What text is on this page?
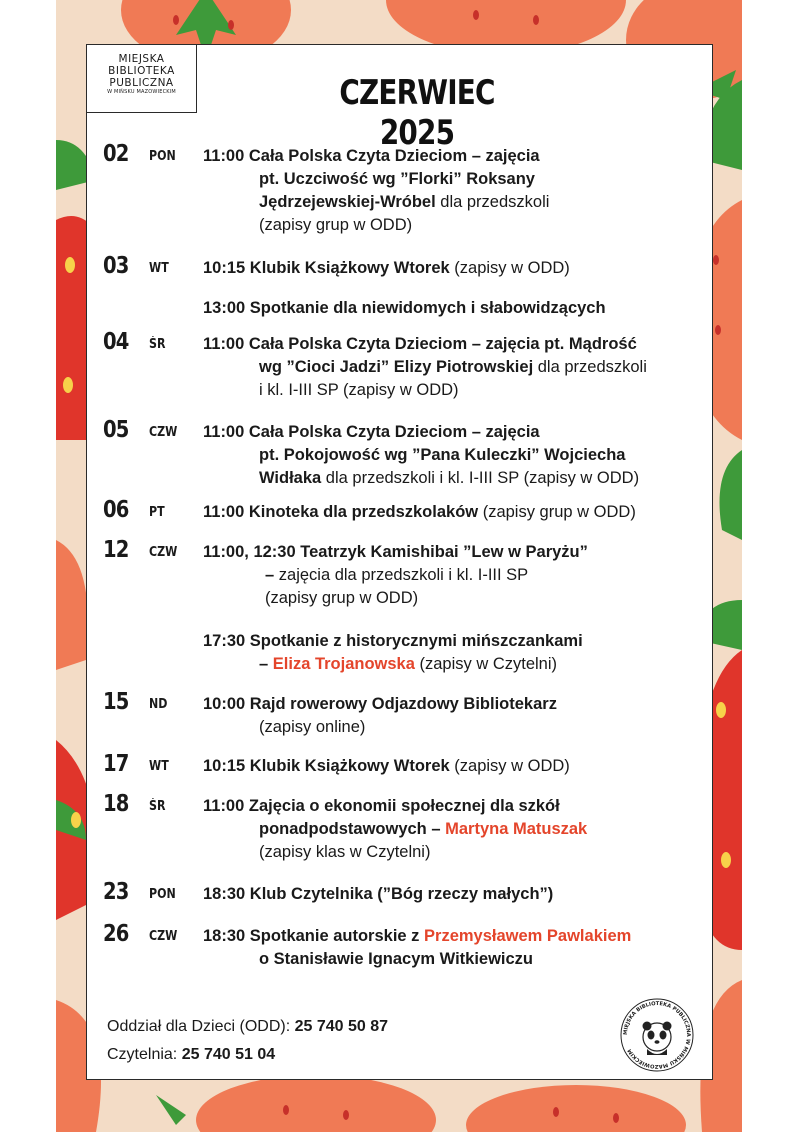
MIEJSKA
BIBLIOTEKA
PUBLICZNA
W MIŃSKU MAZOWIECKIM	CZERWIEC 2025
02 PON 11:00 Cała Polska Czyta Dzieciom – zajęcia
pt. Uczciwość wg ”Florki” Roksany
Jędrzejewskiej-Wróbel dla przedszkoli
(zapisy grup w ODD)
03 WT 10:15 Klubik Książkowy Wtorek (zapisy w ODD)
13:00 Spotkanie dla niewidomych i słabowidzących
04 ŚR 11:00 Cała Polska Czyta Dzieciom – zajęcia pt. Mądrość
wg ”Cioci Jadzi” Elizy Piotrowskiej dla przedszkoli
i kl. I-III SP (zapisy w ODD)
05 CZW 11:00 Cała Polska Czyta Dzieciom – zajęcia
pt. Pokojowość wg ”Pana Kuleczki” Wojciecha
Widłaka dla przedszkoli i kl. I-III SP (zapisy w ODD)
06 PT 11:00 Kinoteka dla przedszkolaków (zapisy grup w ODD)
12 CZW 11:00, 12:30 Teatrzyk Kamishibai ”Lew w Paryżu”
– zajęcia dla przedszkoli i kl. I-III SP
(zapisy grup w ODD)
17:30 Spotkanie z historycznymi mińszczankami
– Eliza Trojanowska (zapisy w Czytelni)
15 ND 10:00 Rajd rowerowy Odjazdowy Bibliotekarz
(zapisy online)
17 WT 10:15 Klubik Książkowy Wtorek (zapisy w ODD)
18 ŚR 11:00 Zajęcia o ekonomii społecznej dla szkół
ponadpodstawowych – Martyna Matuszak
(zapisy klas w Czytelni)
23 PON 18:30 Klub Czytelnika (”Bóg rzeczy małych”)
26 CZW 18:30 Spotkanie autorskie z Przemysławem Pawlakiem
o Stanisławie Ignacym Witkiewiczu
Oddział dla Dzieci (ODD): 25 740 50 87
Czytelnia: 25 740 51 04
MIEJSKA BIBLIOTEKA PUBLICZNA W MIŃSKU MAZOWIECKIM
